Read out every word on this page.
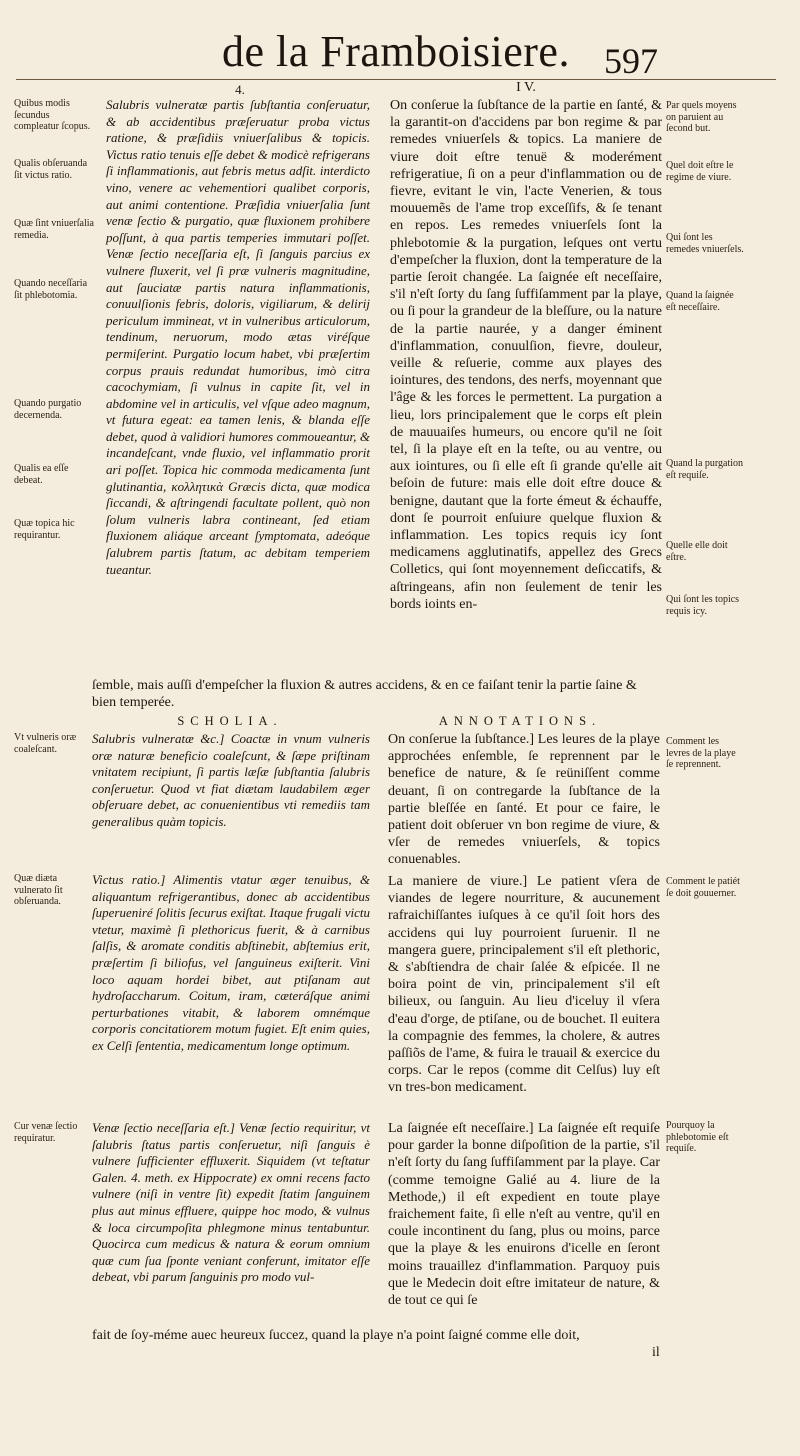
de la Framboisiere. 597
4.	I V.

Salubris vulneratæ partis ſubſtantia conſeruatur, & ab accidentibus præſeruatur proba victus ratione, & præſidiis vniuerſalibus & topicis. Victus ratio tenuis eſſe debet & modicè refrigerans ſi inflammationis, aut febris metus adſit. interdicto vino, venere ac vehementiori qualibet corporis, aut animi contentione. Præſidia vniuerſalia ſunt venæ ſectio & purgatio, quæ fluxionem prohibere poſſunt, à qua partis temperies immutari poſſet. Venæ ſectio neceſſaria eſt, ſi ſanguis parcius ex vulnere fluxerit, vel ſi præ vulneris magnitudine, aut ſauciatæ partis natura inflammationis, conuulſionis febris, doloris, vigiliarum, & delirij periculum immineat, vt in vulneribus articulorum, tendinum, neruorum, modo ætas viréſque permiſerint. Purgatio locum habet, vbi præſertim corpus prauis redundat humoribus, imò citra cacochymiam, ſi vulnus in capite ſit, vel in abdomine vel in articulis, vel vſque adeo magnum, vt futura egeat: ea tamen lenis, & blanda eſſe debet, quod à validiori humores commoueantur, & incandeſcant, vnde fluxio, vel inflammatio prorit ari poſſet. Topica hic commoda medicamenta ſunt glutinantia, κολλητικὰ Græcis dicta, quæ modica ſiccandi, & aſtringendi facultate pollent, quò non ſolum vulneris labra contineant, ſed etiam fluxionem aliáque arceant ſymptomata, adeóque ſalubrem partis ſtatum, ac debitam temperiem tueantur.

On conſerue la ſubſtance de la partie en ſanté, & la garantit-on d'accidens par bon regime & par remedes vniuerſels & topics. La maniere de viure doit eſtre tenuë & moderément refrigeratiue, ſi on a peur d'inflammation ou de fievre, evitant le vin, l'acte Venerien, & tous mouuemẽs de l'ame trop exceſſifs, & ſe tenant en repos. Les remedes vniuerſels ſont la phlebotomie & la purgation, leſques ont vertu d'empeſcher la fluxion, dont la temperature de la partie ſeroit changée. La ſaignée eſt neceſſaire, s'il n'eſt ſorty du ſang ſuffiſamment par la playe, ou ſi pour la grandeur de la bleſſure, ou la nature de la partie naurée, y a danger éminent d'inflammation, conuulſion, fievre, douleur, veille & reſuerie, comme aux playes des iointures, des tendons, des nerfs, moyennant que l'âge & les forces le permettent. La purgation a lieu, lors principalement que le corps eſt plein de mauuaiſes humeurs, ou encore qu'il ne ſoit tel, ſi la playe eſt en la teſte, ou au ventre, ou aux iointures, ou ſi elle eſt ſi grande qu'elle ait beſoin de future: mais elle doit eſtre douce & benigne, dautant que la forte émeut & échauffe, dont ſe pourroit enſuiure quelque fluxion & inflammation. Les topics requis icy ſont medicamens agglutinatifs, appellez des Grecs Colletics, qui ſont moyennement deſiccatifs, & aſtringeans, afin non ſeulement de tenir les bords ioints en-

ſemble, mais auſſi d'empeſcher la fluxion & autres accidens, & en ce faiſant tenir la partie ſaine & bien temperée.
SCHOLIA.	ANNOTATIONS.

Salubris vulneratæ &c.] Coactæ in vnum vulneris oræ naturæ beneficio coaleſcunt, & ſæpe priſtinam vnitatem recipiunt, ſi partis læſæ ſubſtantia ſalubris conſeruetur. Quod vt fiat diætam laudabilem æger obſeruare debet, ac conuenientibus vti remediis tam generalibus quàm topicis.

Victus ratio.] Alimentis vtatur æger tenuibus, & aliquantum refrigerantibus, donec ab accidentibus ſuperueniré ſolitis ſecurus exiſtat. Itaque frugali victu vtetur, maximè ſi plethoricus fuerit, & à carnibus ſalſis, & aromate conditis abſtinebit, abſtemius erit, præſertim ſi biliofus, vel ſanguineus exiſterit. Vini loco aquam hordei bibet, aut ptiſanam aut hydroſaccharum. Coitum, iram, cæteráſque animi perturbationes vitabit, & laborem omnémque corporis concitatiorem motum fugiet. Eſt enim quies, ex Celſi ſententia, medicamentum longe optimum.

Venæ ſectio neceſſaria eſt.] Venæ ſectio requiritur, vt ſalubris ſtatus partis conſeruetur, niſi ſanguis è vulnere ſufficienter effluxerit. Siquidem (vt teſtatur Galen. 4. meth. ex Hippocrate) ex omni recens facto vulnere (niſi in ventre ſit) expedit ſtatim ſanguinem plus aut minus effluere, quippe hoc modo, & vulnus & loca circumpoſita phlegmone minus tentabuntur. Quocirca cum medicus & natura & eorum omnium quæ cum ſua ſponte veniant conferunt, imitator eſſe debeat, vbi parum ſanguinis pro modo vul-

On conſerue la ſubſtance.] Les leures de la playe approchées enſemble, ſe reprennent par le benefice de nature, & ſe reüniſſent comme deuant, ſi on contregarde la ſubſtance de la partie bleſſée en ſanté. Et pour ce faire, le patient doit obſeruer vn bon regime de viure, & vſer de remedes vniuerſels, & topics conuenables.

La maniere de viure.] Le patient vſera de viandes de legere nourriture, & aucunement rafraichiſſantes iuſques à ce qu'il ſoit hors des accidens qui luy pourroient ſuruenir. Il ne mangera guere, principalement s'il eſt plethoric, & s'abſtiendra de chair ſalée & eſpicée. Il ne boira point de vin, principalement s'il eſt bilieux, ou ſanguin. Au lieu d'iceluy il vſera d'eau d'orge, de ptiſane, ou de bouchet. Il euitera la compagnie des femmes, la cholere, & autres paſſiõs de l'ame, & fuira le trauail & exercice du corps. Car le repos (comme dit Celſus) luy eſt vn tres-bon medicament.

La ſaignée eſt neceſſaire.] La ſaignée eſt requiſe pour garder la bonne diſpoſition de la partie, s'il n'eſt ſorty du ſang ſuffiſamment par la playe. Car (comme temoigne Galié au 4. liure de la Methode,) il eſt expedient en toute playe fraichement faite, ſi elle n'eſt au ventre, qu'il en coule incontinent du ſang, plus ou moins, parce que la playe & les enuirons d'icelle en ſeront moins trauaillez d'inflammation. Parquoy puis que le Medecin doit eſtre imitateur de nature, & de tout ce qui ſe

fait de ſoy-méme auec heureux ſuccez, quand la playe n'a point ſaigné comme elle doit,
il
Quibus modis ſecundus compleatur ſcopus.
Qualis obſeruanda ſit victus ratio.
Quæ ſint vniuerſalia remedia.
Quando neceſſaria ſit phlebotomia.
Quando purgatio decernenda.
Qualis ea eſſe debeat.
Quæ topica hic requirantur.
Vt vulneris oræ coaleſcant.
Quæ diæta vulnerato ſit obſeruanda.
Cur venæ ſectio requiratur.
Par quels moyens on paruient au ſecond but.
Quel doit eſtre le regime de viure.
Qui ſont les remedes vniuerſels.
Quand la ſaignée eſt neceſſaire.
Quand la purgation eſt requiſe.
Quelle elle doit eſtre.
Qui ſont les topics requis icy.
Comment les levres de la playe ſe reprennent.
Comment le patiét ſe doit gouuerner.
Pourquoy la phlebotomie eſt requiſe.
